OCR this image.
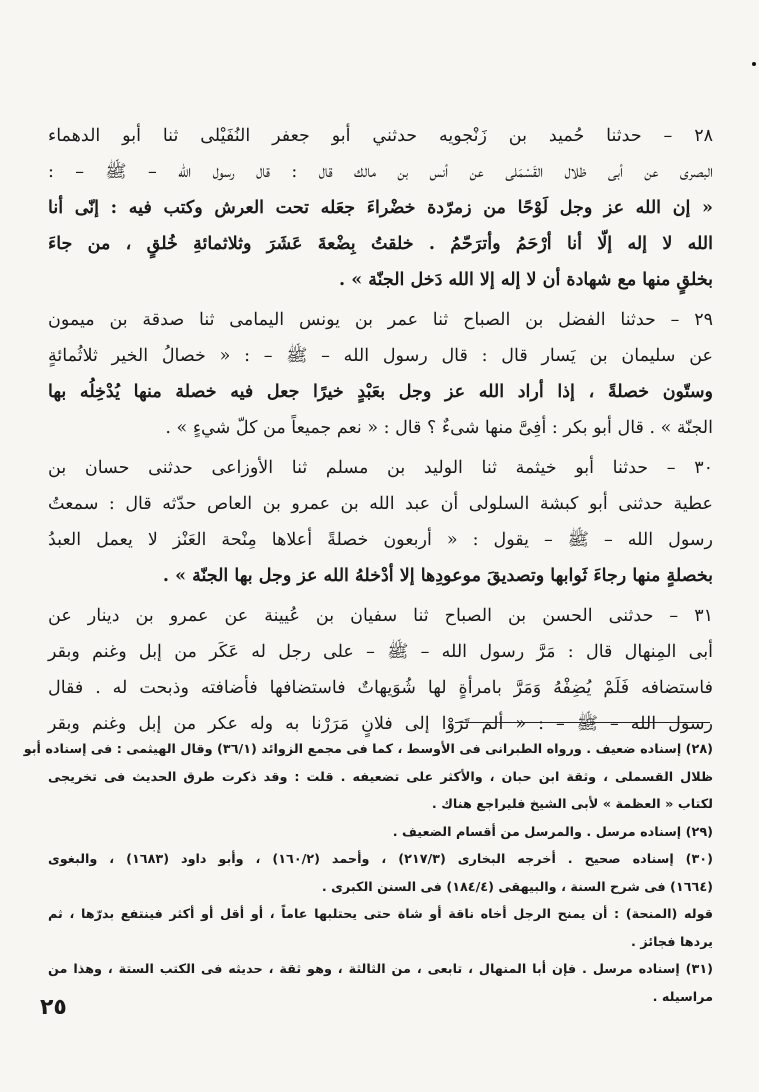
٢٨ – حدثنا حُميد بن زَنْجويه حدثني أبو جعفر النُفَيْلى ثنا أبو الدهماء
البصرى عن أبى ظلال القَسْمَلى عن أنس بن مالك قال : قال رسول الله – ﷺ – :
« إن الله عز وجل لَوْحًا من زمرّدة خضْراءَ جعَله تحت العرش وكتب فيه : إنّى أنا
الله لا إله إلّا أنا أرْحَمُ وأترَحّمُ . خلقتُ بِضْعةَ عَشَرَ وثلاثمائةِ خُلقٍ ، من جاءَ
بخلقٍ منها مع شهادة أن لا إله إلا الله دَخل الجنّة » .
٢٩ – حدثنا الفضل بن الصباح ثنا عمر بن يونس اليمامى ثنا صدقة بن ميمون
عن سليمان بن يَسار قال : قال رسول الله – ﷺ – : « خصالُ الخير ثلاثُمائةٍ
وستّون خصلةً ، إذا أراد الله عز وجل بعَبْدٍ خيرًا جعل فيه خصلة منها يُدْخِلُه بها
الجنّة » . قال أبو بكر : أفِىَّ منها شىءٌ ؟ قال : « نعم جميعاً من كلّ شيءٍ » .
٣٠ – حدثنا أبو خيثمة ثنا الوليد بن مسلم ثنا الأوزاعى حدثنى حسان بن
عطية حدثنى أبو كبشة السلولى أن عبد الله بن عمرو بن العاص حدّثه قال : سمعتُ
رسول الله – ﷺ – يقول : « أربعون خصلةً أعلاها مِنْحة العَنْز لا يعمل العبدُ
بخصلةٍ منها رجاءَ ثَوابها وتصديقَ موعودِها إلا أدْخلهُ الله عز وجل بها الجنّة » .
٣١ – حدثنى الحسن بن الصباح ثنا سفيان بن عُيينة عن عمرو بن دينار عن
أبى المِنهال قال : مَرَّ رسول الله – ﷺ – على رجل له عَكَر من إبل وغنم وبقر
فاستضافه فَلَمْ يُضِفْهُ وَمَرَّ بامرأةٍ لها شُوَيهاتٌ فاستضافها فأضافته وذبحت له . فقال
رسول الله – ﷺ – : « ألم تَرَوْا إلى فلانٍ مَرَرْنا به وله عكر من إبل وغنم وبقر
(٢٨) إسناده ضعيف . ورواه الطبرانى فى الأوسط ، كما فى مجمع الزوائد (٣٦/١) وقال الهيثمى : فى إسناده أبو
ظلال القسملى ، وثقة ابن حبان ، والأكثر على تضعيفه . قلت : وقد ذكرت طرق الحديث فى تخريجى
لكتاب « العظمة » لأبى الشيخ فليراجع هناك .
(٢٩) إسناده مرسل . والمرسل من أقسام الضعيف .
(٣٠) إسناده صحيح . أخرجه البخارى (٢١٧/٣) ، وأحمد (١٦٠/٢) ، وأبو داود (١٦٨٣) ، والبغوى
(١٦٦٤) فى شرح السنة ، والبيهقى (١٨٤/٤) فى السنن الكبرى .
قوله (المنحة) : أن يمنح الرجل أخاه ناقة أو شاة حتى يحتلبها عاماً ، أو أقل أو أكثر فينتفع بدرّها ، ثم
يردها فجائز .
(٣١) إسناده مرسل . فإن أبا المنهال ، تابعى ، من الثالثة ، وهو ثقة ، حديثه فى الكتب الستة ، وهذا من
مراسيله .
٢٥
